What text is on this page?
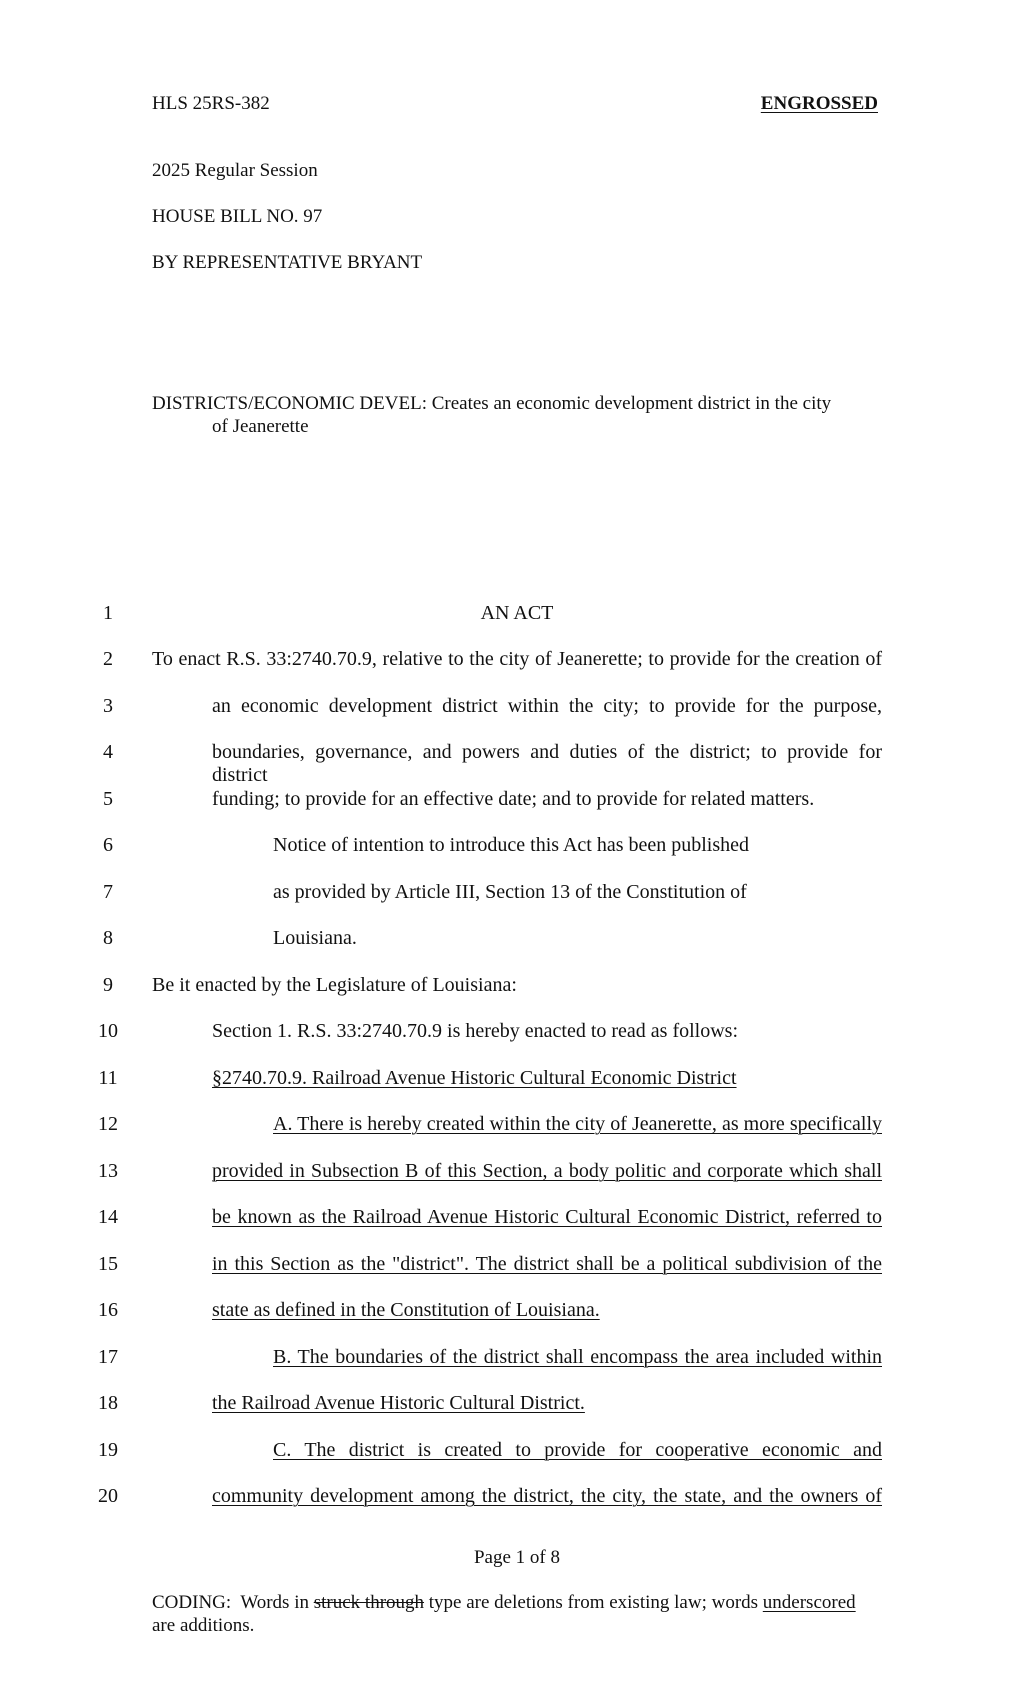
HLS 25RS-382	ENGROSSED
2025 Regular Session
HOUSE BILL NO. 97
BY REPRESENTATIVE BRYANT
DISTRICTS/ECONOMIC DEVEL: Creates an economic development district in the city
of Jeanerette
1	AN ACT
2	To enact R.S. 33:2740.70.9, relative to the city of Jeanerette; to provide for the creation of
3	an economic development district within the city; to provide for the purpose,
4	boundaries, governance, and powers and duties of the district; to provide for district
5	funding; to provide for an effective date; and to provide for related matters.
6	Notice of intention to introduce this Act has been published
7	as provided by Article III, Section 13 of the Constitution of
8	Louisiana.
9	Be it enacted by the Legislature of Louisiana:
10	Section 1. R.S. 33:2740.70.9 is hereby enacted to read as follows:
11	§2740.70.9. Railroad Avenue Historic Cultural Economic District
12	A. There is hereby created within the city of Jeanerette, as more specifically
13	provided in Subsection B of this Section, a body politic and corporate which shall
14	be known as the Railroad Avenue Historic Cultural Economic District, referred to
15	in this Section as the "district". The district shall be a political subdivision of the
16	state as defined in the Constitution of Louisiana.
17	B. The boundaries of the district shall encompass the area included within
18	the Railroad Avenue Historic Cultural District.
19	C. The district is created to provide for cooperative economic and
20	community development among the district, the city, the state, and the owners of
Page 1 of 8
CODING:  Words in struck through type are deletions from existing law; words underscored
are additions.
